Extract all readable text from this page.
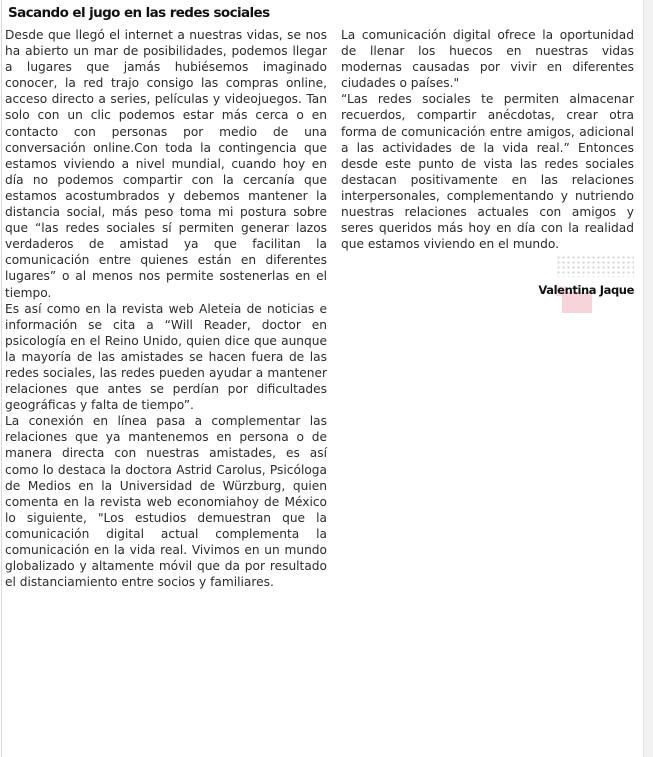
Sacando el jugo en las redes sociales

Desde que llegó el internet a nuestras vidas, se nos ha abierto un mar de posibilidades, podemos llegar a lugares que jamás hubiésemos imaginado conocer, la red trajo consigo las compras online, acceso directo a series, películas y videojuegos. Tan solo con un clic podemos estar más cerca o en contacto con personas por medio de una conversación online.Con toda la contingencia que estamos viviendo a nivel mundial, cuando hoy en día no podemos compartir con la cercanía que estamos acostumbrados y debemos mantener la distancia social, más peso toma mi postura sobre que “las redes sociales sí permiten generar lazos verdaderos de amistad ya que facilitan la comunicación entre quienes están en diferentes lugares” o al menos nos permite sostenerlas en el tiempo.

Es así como en la revista web Aleteia de noticias e información se cita a “Will Reader, doctor en psicología en el Reino Unido, quien dice que aunque la mayoría de las amistades se hacen fuera de las redes sociales, las redes pueden ayudar a mantener relaciones que antes se perdían por dificultades geográficas y falta de tiempo”.

La conexión en línea pasa a complementar las relaciones que ya mantenemos en persona o de manera directa con nuestras amistades, es así como lo destaca la doctora Astrid Carolus, Psicóloga de Medios en la Universidad de Würzburg, quien comenta en la revista web economiahoy de México lo siguiente, "Los estudios demuestran que la comunicación digital actual complementa la comunicación en la vida real. Vivimos en un mundo globalizado y altamente móvil que da por resultado el distanciamiento entre socios y familiares.

La comunicación digital ofrece la oportunidad de llenar los huecos en nuestras vidas modernas causadas por vivir en diferentes ciudades o países."

“Las redes sociales te permiten almacenar recuerdos, compartir anécdotas, crear otra forma de comunicación entre amigos, adicional a las actividades de la vida real.” Entonces desde este punto de vista las redes sociales destacan positivamente en las relaciones interpersonales, complementando y nutriendo nuestras relaciones actuales con amigos y seres queridos más hoy en día con la realidad que estamos viviendo en el mundo.

Valentina Jaque
